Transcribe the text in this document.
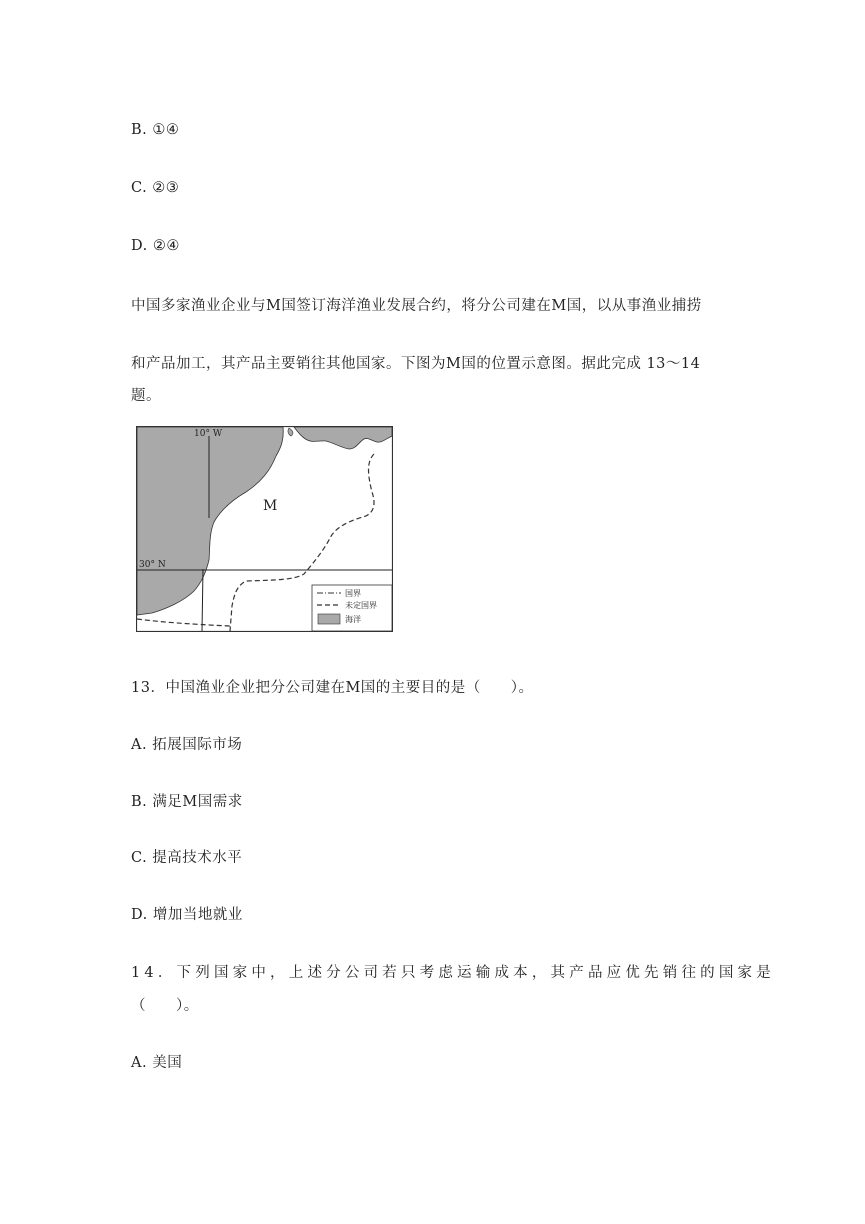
B. ①④
C. ②③
D. ②④
中国多家渔业企业与M国签订海洋渔业发展合约，将分公司建在M国，以从事渔业捕捞
和产品加工，其产品主要销往其他国家。下图为M国的位置示意图。据此完成 13～14
题。
M
10° W
30° N
国界
未定国界
海洋
13．中国渔业企业把分公司建在M国的主要目的是（　　）。
A. 拓展国际市场
B. 满足M国需求
C. 提高技术水平
D. 增加当地就业
14．下列国家中，上述分公司若只考虑运输成本，其产品应优先销往的国家是
（　　）。
A. 美国
